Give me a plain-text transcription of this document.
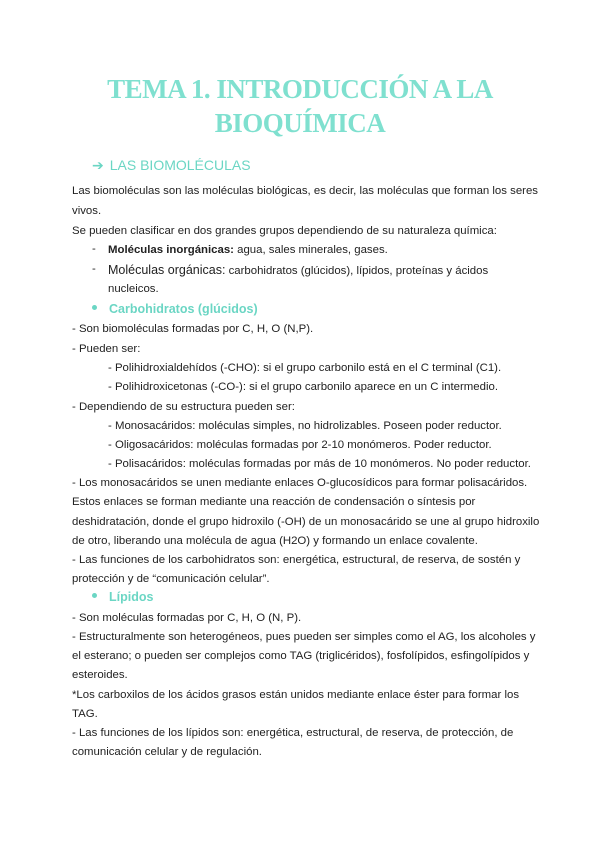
TEMA 1. INTRODUCCIÓN A LA
BIOQUÍMICA
➔ LAS BIOMOLÉCULAS
Las biomoléculas son las moléculas biológicas, es decir, las moléculas que forman los seres
vivos.
Se pueden clasificar en dos grandes grupos dependiendo de su naturaleza química:
- Moléculas inorgánicas: agua, sales minerales, gases.
- Moléculas orgánicas: carbohidratos (glúcidos), lípidos, proteínas y ácidos
nucleicos.
Carbohidratos (glúcidos)
- Son biomoléculas formadas por C, H, O (N,P).
- Pueden ser:
- Polihidroxialdehídos (-CHO): si el grupo carbonilo está en el C terminal (C1).
- Polihidroxicetonas (-CO-): si el grupo carbonilo aparece en un C intermedio.
- Dependiendo de su estructura pueden ser:
- Monosacáridos: moléculas simples, no hidrolizables. Poseen poder reductor.
- Oligosacáridos: moléculas formadas por 2-10 monómeros. Poder reductor.
- Polisacáridos: moléculas formadas por más de 10 monómeros. No poder reductor.
- Los monosacáridos se unen mediante enlaces O-glucosídicos para formar polisacáridos.
Estos enlaces se forman mediante una reacción de condensación o síntesis por
deshidratación, donde el grupo hidroxilo (-OH) de un monosacárido se une al grupo hidroxilo
de otro, liberando una molécula de agua (H2O) y formando un enlace covalente.
- Las funciones de los carbohidratos son: energética, estructural, de reserva, de sostén y
protección y de “comunicación celular”.
Lípidos
- Son moléculas formadas por C, H, O (N, P).
- Estructuralmente son heterogéneos, pues pueden ser simples como el AG, los alcoholes y
el esterano; o pueden ser complejos como TAG (triglicéridos), fosfolípidos, esfingolípidos y
esteroides.
*Los carboxilos de los ácidos grasos están unidos mediante enlace éster para formar los
TAG.
- Las funciones de los lípidos son: energética, estructural, de reserva, de protección, de
comunicación celular y de regulación.
